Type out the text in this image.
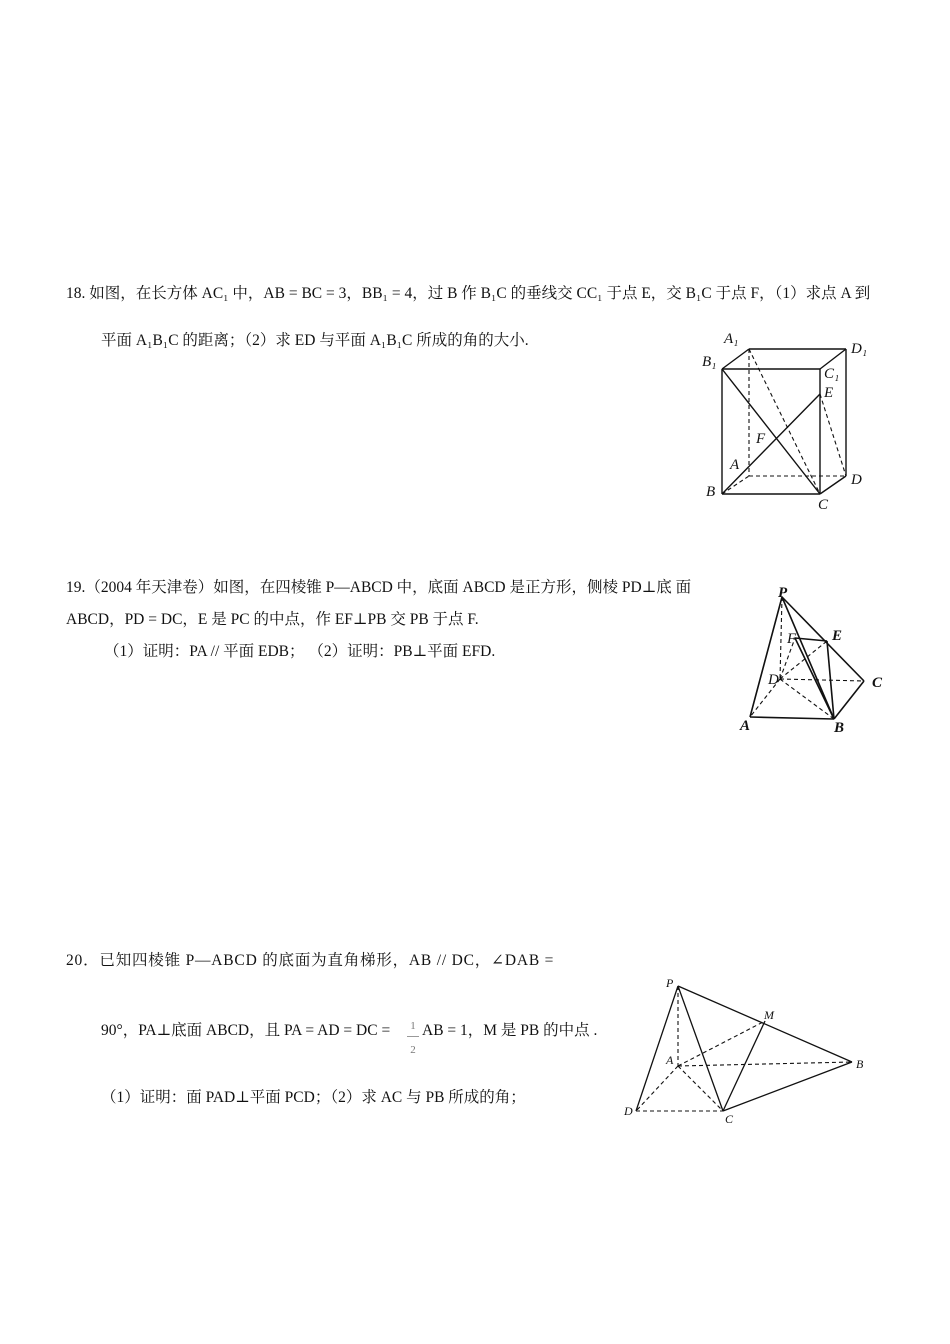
18. 如图，在长方体 AC₁ 中，AB = BC = 3，BB₁ = 4，过 B 作 B₁C 的垂线交 CC₁ 于点 E，交 B₁C 于点 F，（1）求点 A 到
平面 A₁B₁C 的距离；（2）求 ED 与平面 A₁B₁C 所成的角的大小.	A₁
B₁
D₁
C₁
E
F
A
B
D
C
19.（2004 年天津卷）如图，在四棱锥 P—ABCD 中，底面 ABCD 是正方形，侧棱 PD⊥底 面
ABCD，PD = DC，E 是 PC 的中点，作 EF⊥PB 交 PB 于点 F.
（1）证明：PA // 平面 EDB； （2）证明：PB⊥平面 EFD.
P
F E
D	C
A	B
20．已知四棱锥 P—ABCD 的底面为直角梯形，AB // DC，∠DAB =
90°，PA⊥底面 ABCD，且 PA = AD = DC =	1
2
AB = 1，M 是 PB 的中点 .
（1）证明：面 PAD⊥平面 PCD；（2）求 AC 与 PB 所成的角；
P
M
A	B
D
C
